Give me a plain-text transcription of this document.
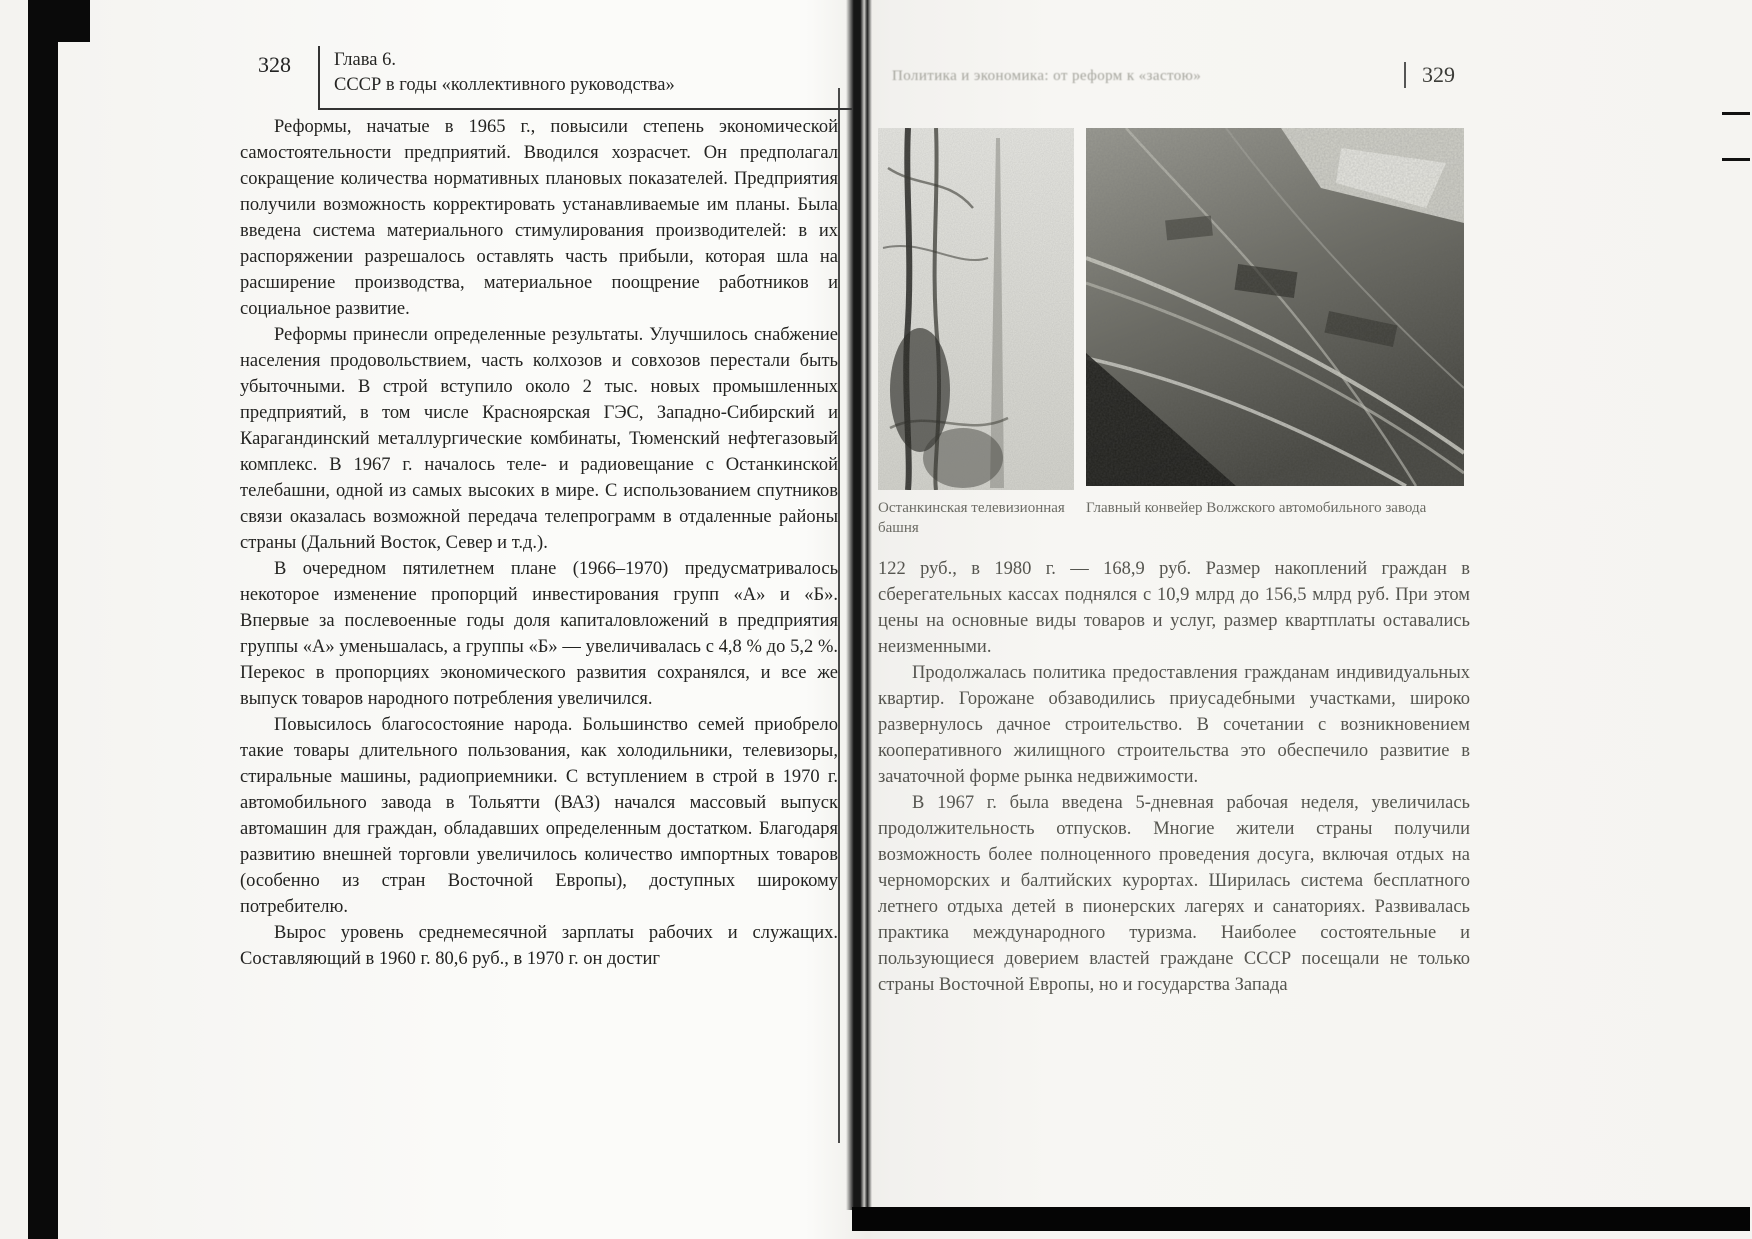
328 Глава 6.
СССР в годы «коллективного руководства»

Реформы, начатые в 1965 г., повысили степень экономической самостоятельности предприятий. Вводился хозрасчет. Он предполагал сокращение количества нормативных плановых показателей. Предприятия получили возможность корректировать устанавливаемые им планы. Была введена система материального стимулирования производителей: в их распоряжении разрешалось оставлять часть прибыли, которая шла на расширение производства, материальное поощрение работников и социальное развитие.

Реформы принесли определенные результаты. Улучшилось снабжение населения продовольствием, часть колхозов и совхозов перестали быть убыточными. В строй вступило около 2 тыс. новых промышленных предприятий, в том числе Красноярская ГЭС, Западно-Сибирский и Карагандинский металлургические комбинаты, Тюменский нефтегазовый комплекс. В 1967 г. началось теле- и радиовещание с Останкинской телебашни, одной из самых высоких в мире. С использованием спутников связи оказалась возможной передача телепрограмм в отдаленные районы страны (Дальний Восток, Север и т.д.).

В очередном пятилетнем плане (1966–1970) предусматривалось некоторое изменение пропорций инвестирования групп «А» и «Б». Впервые за послевоенные годы доля капиталовложений в предприятия группы «А» уменьшалась, а группы «Б» — увеличивалась с 4,8 % до 5,2 %. Перекос в пропорциях экономического развития сохранялся, и все же выпуск товаров народного потребления увеличился.

Повысилось благосостояние народа. Большинство семей приобрело такие товары длительного пользования, как холодильники, телевизоры, стиральные машины, радиоприемники. С вступлением в строй в 1970 г. автомобильного завода в Тольятти (ВАЗ) начался массовый выпуск автомашин для граждан, обладавших определенным достатком. Благодаря развитию внешней торговли увеличилось количество импортных товаров (особенно из стран Восточной Европы), доступных широкому потребителю.

Вырос уровень среднемесячной зарплаты рабочих и служащих. Составляющий в 1960 г. 80,6 руб., в 1970 г. он достиг

Политика и экономика: от реформ к «застою»	329
Останкинская телевизионная башня
Главный конвейер Волжского автомобильного завода

122 руб., в 1980 г. — 168,9 руб. Размер накоплений граждан в сберегательных кассах поднялся с 10,9 млрд до 156,5 млрд руб. При этом цены на основные виды товаров и услуг, размер квартплаты оставались неизменными.

Продолжалась политика предоставления гражданам индивидуальных квартир. Горожане обзаводились приусадебными участками, широко развернулось дачное строительство. В сочетании с возникновением кооперативного жилищного строительства это обеспечило развитие в зачаточной форме рынка недвижимости.

В 1967 г. была введена 5-дневная рабочая неделя, увеличилась продолжительность отпусков. Многие жители страны получили возможность более полноценного проведения досуга, включая отдых на черноморских и балтийских курортах. Ширилась система бесплатного летнего отдыха детей в пионерских лагерях и санаториях. Развивалась практика международного туризма. Наиболее состоятельные и пользующиеся доверием властей граждане СССР посещали не только страны Восточной Европы, но и государства Запада
